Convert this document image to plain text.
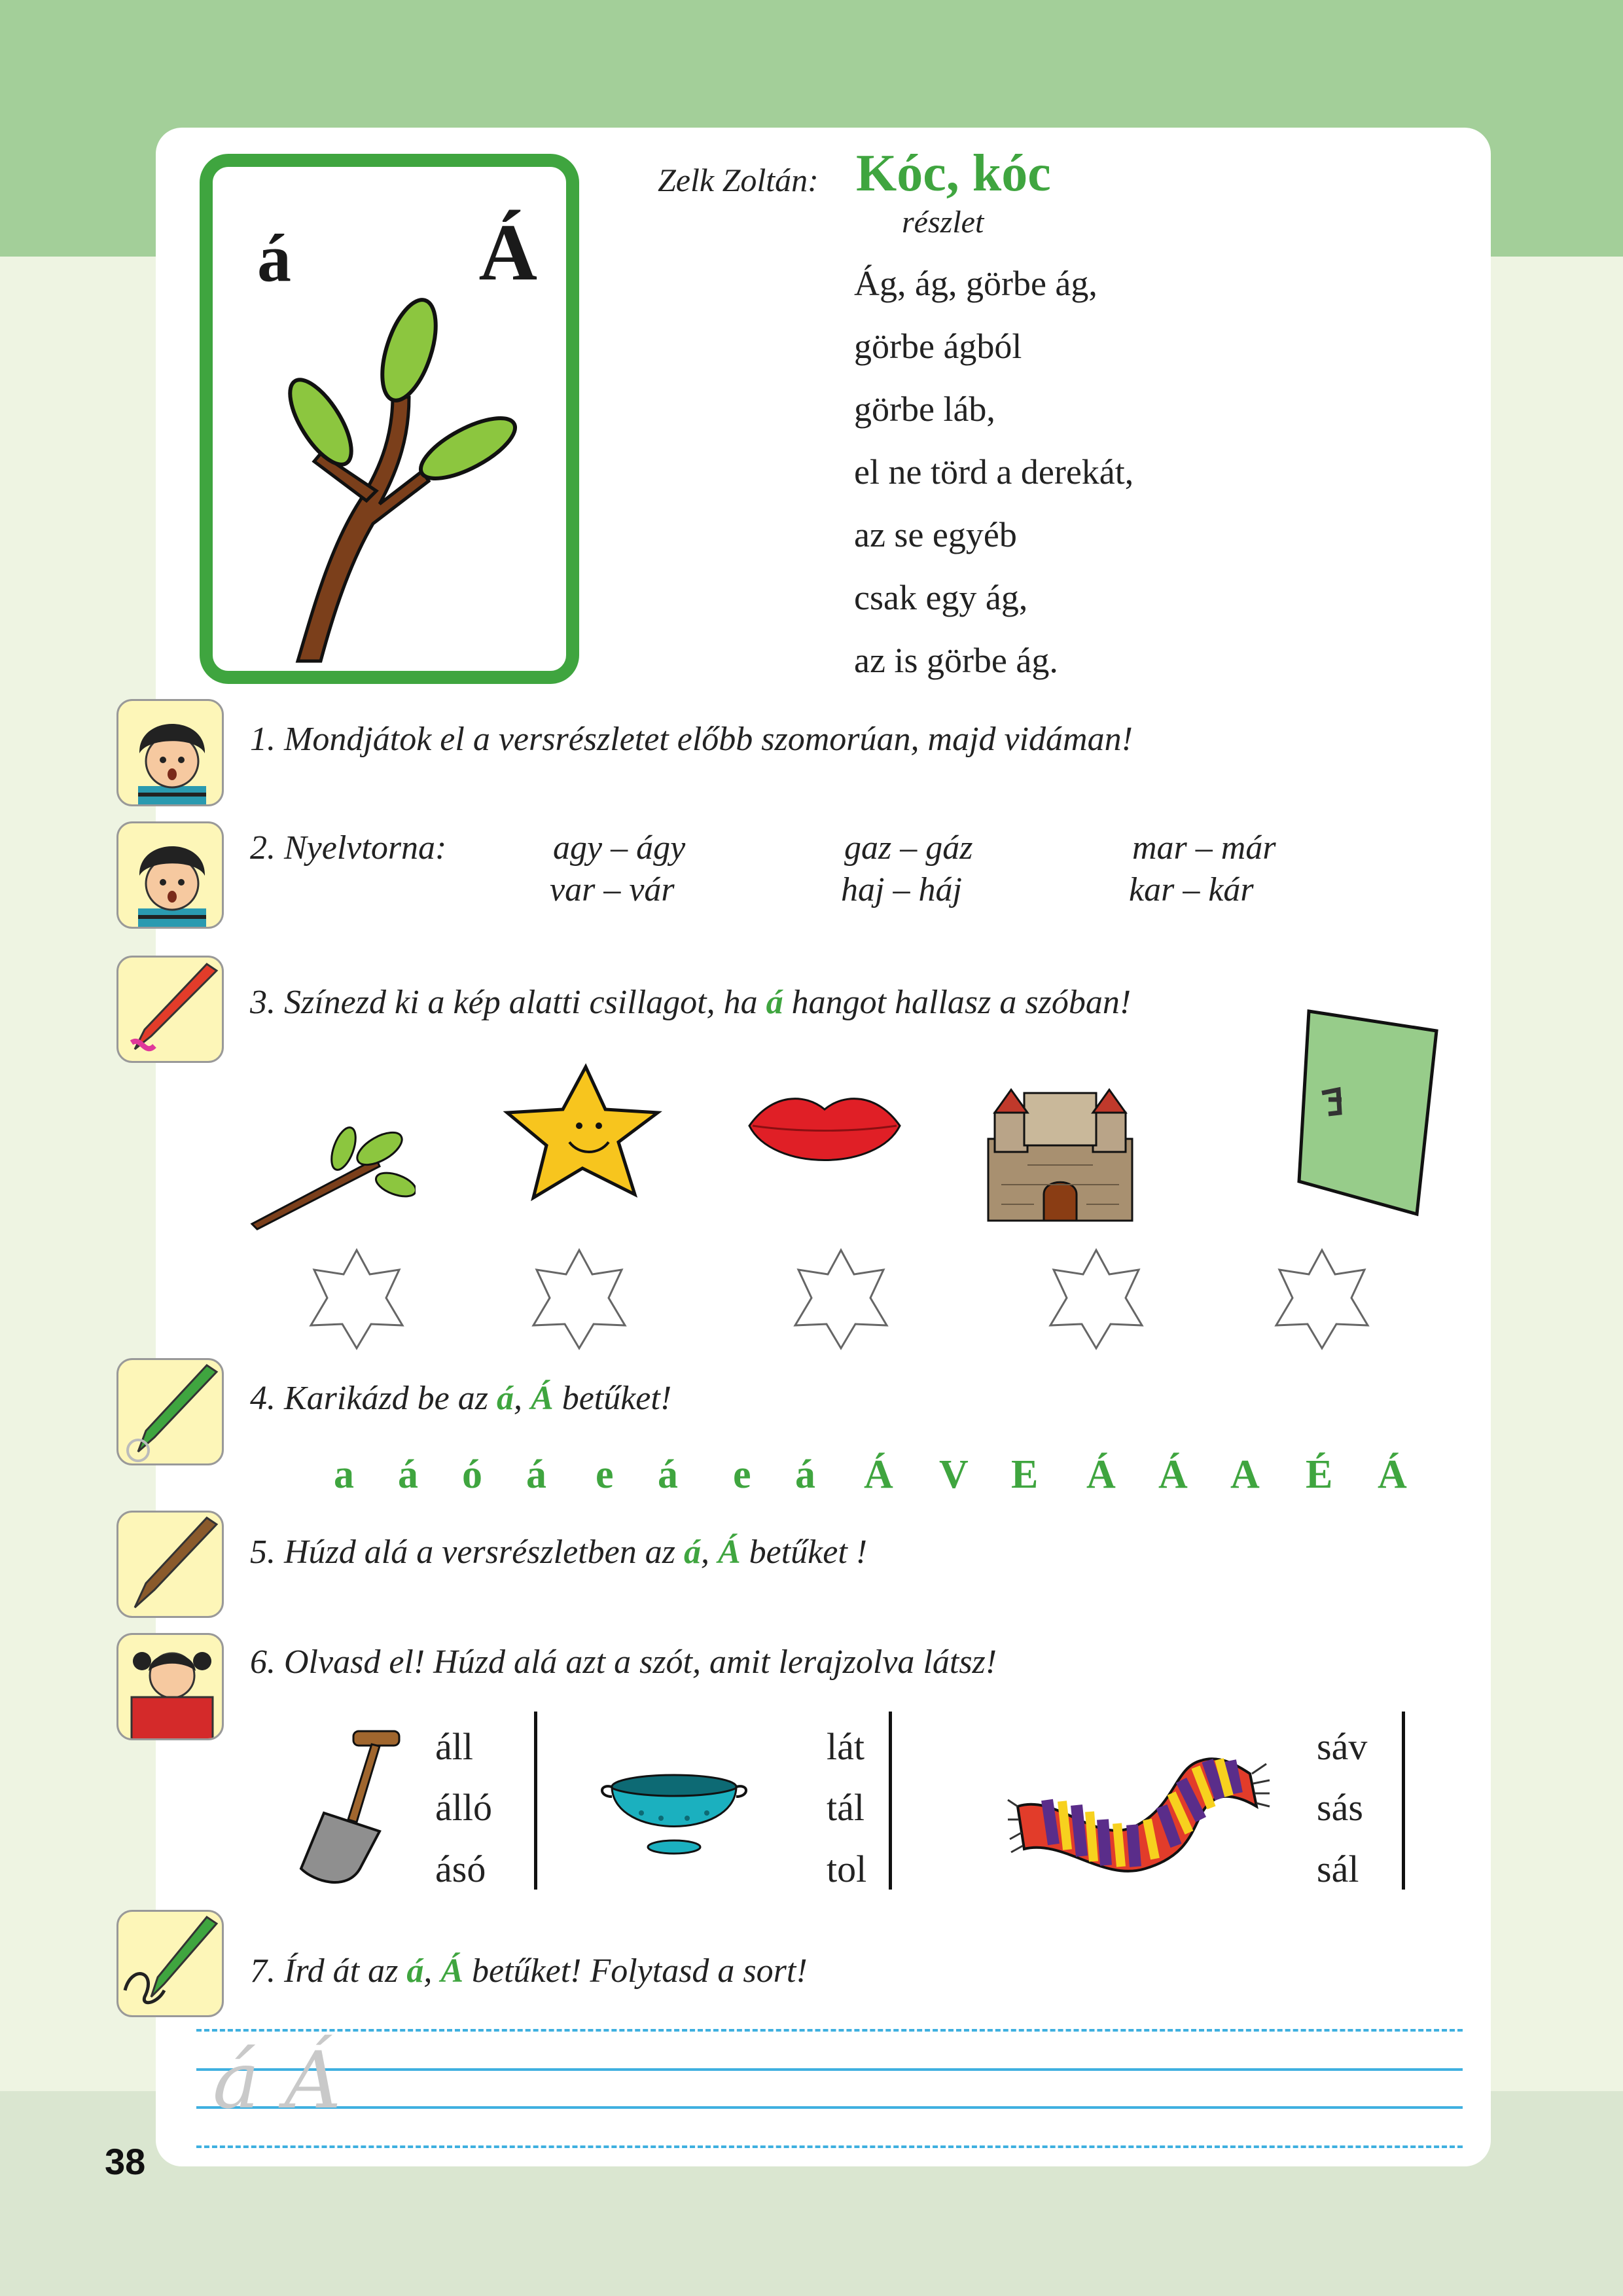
38
á Á
Zelk Zoltán: Kóc, kóc
részlet
Ág, ág, görbe ág,
görbe ágból
görbe láb,
el ne törd a derekát,
az se egyéb
csak egy ág,
az is görbe ág.
1. Mondjátok el a versrészletet előbb szomorúan, majd vidáman!
2. Nyelvtorna:	agy – ágy
var – vár
gaz – gáz
haj – háj
mar – már
kar – kár
3. Színezd ki a kép alatti csillagot, ha á hangot hallasz a szóban!
4. Karikázd be az á, Á betűket!
a á ó á e á e á Á V E Á Á A É Á
5. Húzd alá a versrészletben az á, Á betűket !
6. Olvasd el! Húzd alá azt a szót, amit lerajzolva látsz!
áll
álló
ásó
lát
tál
tol
sáv
sás
sál
7. Írd át az á, Á betűket! Folytasd a sort!
á Á
